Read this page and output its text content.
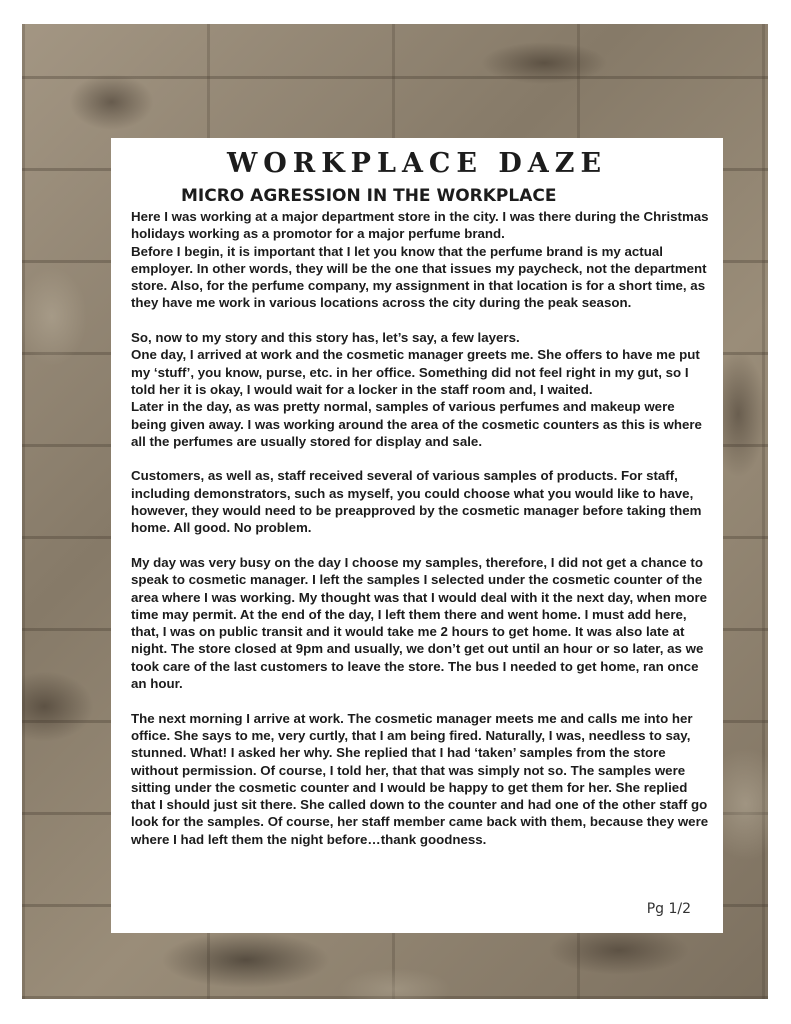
WORKPLACE DAZE
MICRO AGRESSION IN THE WORKPLACE

Here I was working at a major department store in the city. I was there during the Christmas holidays working as a promotor for a major perfume brand.

Before I begin, it is important that I let you know that the perfume brand is my actual employer. In other words, they will be the one that issues my paycheck, not the department store. Also, for the perfume company, my assignment in that location is for a short time, as they have me work in various locations across the city during the peak season.

So, now to my story and this story has, let’s say, a few layers.

One day, I arrived at work and the cosmetic manager greets me. She offers to have me put my ‘stuff’, you know, purse, etc. in her office. Something did not feel right in my gut, so I told her it is okay, I would wait for a locker in the staff room and, I waited.

Later in the day, as was pretty normal, samples of various perfumes and makeup were being given away. I was working around the area of the cosmetic counters as this is where all the perfumes are usually stored for display and sale.

Customers, as well as, staff received several of various samples of products. For staff, including demonstrators, such as myself, you could choose what you would like to have, however, they would need to be preapproved by the cosmetic manager before taking them home. All good. No problem.

My day was very busy on the day I choose my samples, therefore, I did not get a chance to speak to cosmetic manager. I left the samples I selected under the cosmetic counter of the area where I was working. My thought was that I would deal with it the next day, when more time may permit. At the end of the day, I left them there and went home. I must add here, that, I was on public transit and it would take me 2 hours to get home. It was also late at night. The store closed at 9pm and usually, we don’t get out until an hour or so later, as we took care of the last customers to leave the store. The bus I needed to get home, ran once an hour.

The next morning I arrive at work. The cosmetic manager meets me and calls me into her office. She says to me, very curtly, that I am being fired. Naturally, I was, needless to say, stunned. What! I asked her why. She replied that I had ‘taken’ samples from the store without permission. Of course, I told her, that that was simply not so. The samples were sitting under the cosmetic counter and I would be happy to get them for her. She replied that I should just sit there. She called down to the counter and had one of the other staff go look for the samples. Of course, her staff member came back with them, because they were where I had left them the night before…thank goodness.

Pg 1/2
